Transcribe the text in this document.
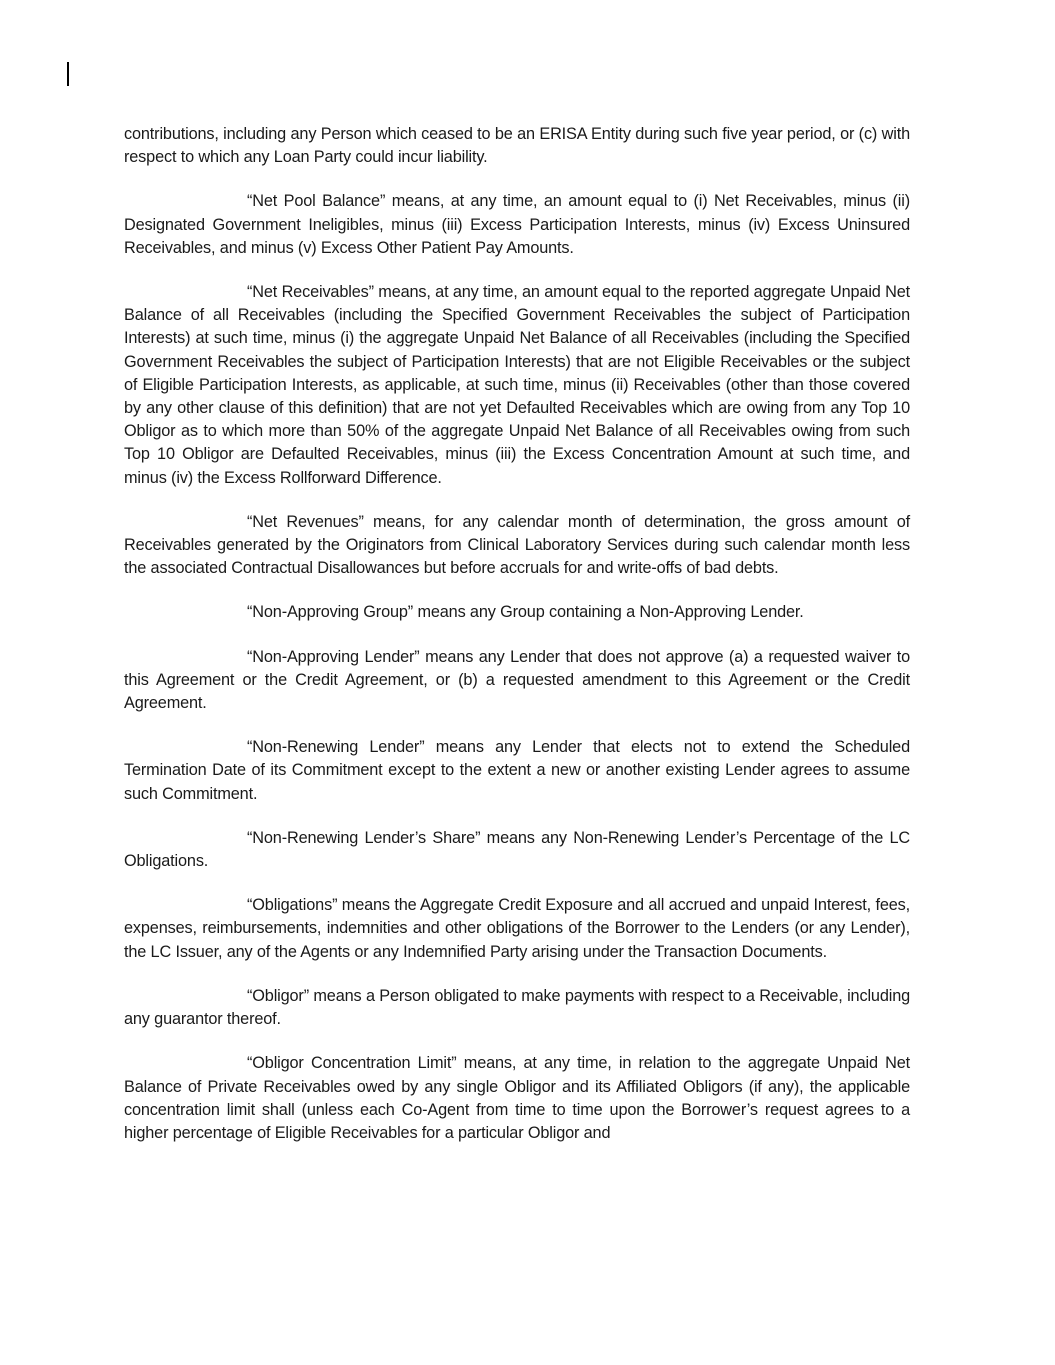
contributions, including any Person which ceased to be an ERISA Entity during such five year period, or (c) with respect to which any Loan Party could incur liability.

“Net Pool Balance” means, at any time, an amount equal to (i) Net Receivables, minus (ii) Designated Government Ineligibles, minus (iii) Excess Participation Interests, minus (iv) Excess Uninsured Receivables, and minus (v) Excess Other Patient Pay Amounts.

“Net Receivables” means, at any time, an amount equal to the reported aggregate Unpaid Net Balance of all Receivables (including the Specified Government Receivables the subject of Participation Interests) at such time, minus (i) the aggregate Unpaid Net Balance of all Receivables (including the Specified Government Receivables the subject of Participation Interests) that are not Eligible Receivables or the subject of Eligible Participation Interests, as applicable, at such time, minus (ii) Receivables (other than those covered by any other clause of this definition) that are not yet Defaulted Receivables which are owing from any Top 10 Obligor as to which more than 50% of the aggregate Unpaid Net Balance of all Receivables owing from such Top 10 Obligor are Defaulted Receivables, minus (iii) the Excess Concentration Amount at such time, and minus (iv) the Excess Rollforward Difference.

“Net Revenues” means, for any calendar month of determination, the gross amount of Receivables generated by the Originators from Clinical Laboratory Services during such calendar month less the associated Contractual Disallowances but before accruals for and write-offs of bad debts.

“Non-Approving Group” means any Group containing a Non-Approving Lender.

“Non-Approving Lender” means any Lender that does not approve (a) a requested waiver to this Agreement or the Credit Agreement, or (b) a requested amendment to this Agreement or the Credit Agreement.

“Non-Renewing Lender” means any Lender that elects not to extend the Scheduled Termination Date of its Commitment except to the extent a new or another existing Lender agrees to assume such Commitment.

“Non-Renewing Lender’s Share” means any Non-Renewing Lender’s Percentage of the LC Obligations.

“Obligations” means the Aggregate Credit Exposure and all accrued and unpaid Interest, fees, expenses, reimbursements, indemnities and other obligations of the Borrower to the Lenders (or any Lender), the LC Issuer, any of the Agents or any Indemnified Party arising under the Transaction Documents.

“Obligor” means a Person obligated to make payments with respect to a Receivable, including any guarantor thereof.

“Obligor Concentration Limit” means, at any time, in relation to the aggregate Unpaid Net Balance of Private Receivables owed by any single Obligor and its Affiliated Obligors (if any), the applicable concentration limit shall (unless each Co-Agent from time to time upon the Borrower’s request agrees to a higher percentage of Eligible Receivables for a particular Obligor and
